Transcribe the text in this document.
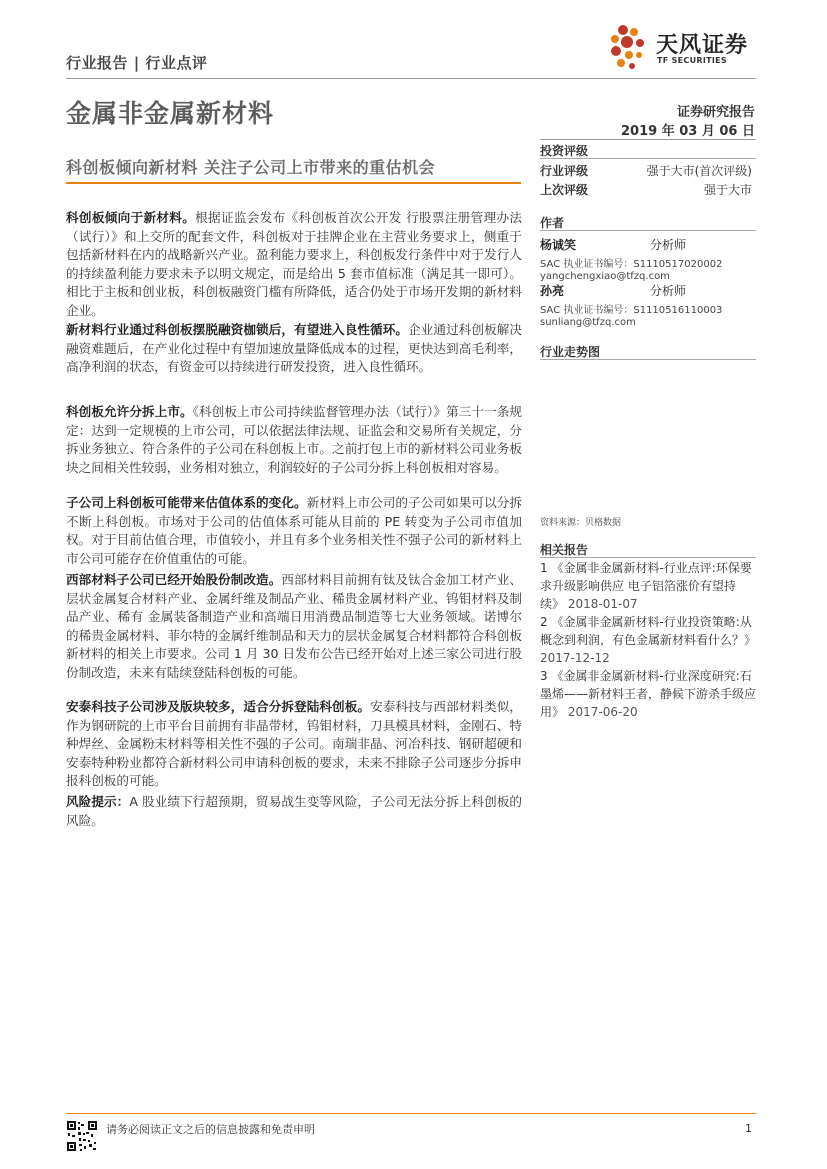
行业报告 | 行业点评
天风证券
TF SECURITIES
金属非金属新材料	证券研究报告
2019 年 03 月 06 日
科创板倾向新材料 关注子公司上市带来的重估机会
投资评级
行业评级	强于大市(首次评级)
上次评级	强于大市
作者
杨诚笑	分析师
SAC 执业证书编号：S1110517020002
yangchengxiao@tfzq.com
孙亮	分析师
SAC 执业证书编号：S1110516110003
sunliang@tfzq.com
行业走势图
资料来源：贝格数据
相关报告
1 《金属非金属新材料-行业点评:环保要求升级影响供应 电子铝箔涨价有望持续》 2018-01-07
2 《金属非金属新材料-行业投资策略:从概念到利润，有色金属新材料看什么？》 2017-12-12
3 《金属非金属新材料-行业深度研究:石墨烯——新材料王者，静候下游杀手级应用》 2017-06-20
科创板倾向于新材料。根据证监会发布《科创板首次公开发 行股票注册管理办法（试行）》和上交所的配套文件，科创板对于挂牌企业在主营业务要求上，侧重于包括新材料在内的战略新兴产业。盈利能力要求上，科创板发行条件中对于发行人的持续盈利能力要求未予以明文规定，而是给出 5 套市值标准（满足其一即可）。相比于主板和创业板，科创板融资门槛有所降低，适合仍处于市场开发期的新材料企业。
新材料行业通过科创板摆脱融资枷锁后，有望进入良性循环。企业通过科创板解决融资难题后，在产业化过程中有望加速放量降低成本的过程，更快达到高毛利率，高净利润的状态，有资金可以持续进行研发投资，进入良性循环。
科创板允许分拆上市。《科创板上市公司持续监督管理办法（试行）》第三十一条规定：达到一定规模的上市公司，可以依据法律法规、证监会和交易所有关规定，分拆业务独立、符合条件的子公司在科创板上市。之前打包上市的新材料公司业务板块之间相关性较弱，业务相对独立，利润较好的子公司分拆上科创板相对容易。
子公司上科创板可能带来估值体系的变化。新材料上市公司的子公司如果可以分拆不断上科创板。市场对于公司的估值体系可能从目前的 PE 转变为子公司市值加权。对于目前估值合理，市值较小，并且有多个业务相关性不强子公司的新材料上市公司可能存在价值重估的可能。
西部材料子公司已经开始股份制改造。西部材料目前拥有钛及钛合金加工材产业、层状金属复合材料产业、金属纤维及制品产业、稀贵金属材料产业、钨钼材料及制品产业、稀有 金属装备制造产业和高端日用消费品制造等七大业务领域。诺博尔的稀贵金属材料、菲尔特的金属纤维制品和天力的层状金属复合材料都符合科创板新材料的相关上市要求。公司 1 月 30 日发布公告已经开始对上述三家公司进行股份制改造，未来有陆续登陆科创板的可能。
安泰科技子公司涉及版块较多，适合分拆登陆科创板。安泰科技与西部材料类似，作为钢研院的上市平台目前拥有非晶带材，钨钼材料，刀具模具材料，金刚石、特种焊丝、金属粉末材料等相关性不强的子公司。南瑞非晶、河冶科技、钢研超硬和安泰特种粉业都符合新材料公司申请科创板的要求，未来不排除子公司逐步分拆申报科创板的可能。
风险提示：A 股业绩下行超预期，贸易战生变等风险，子公司无法分拆上科创板的风险。
请务必阅读正文之后的信息披露和免责申明	1
